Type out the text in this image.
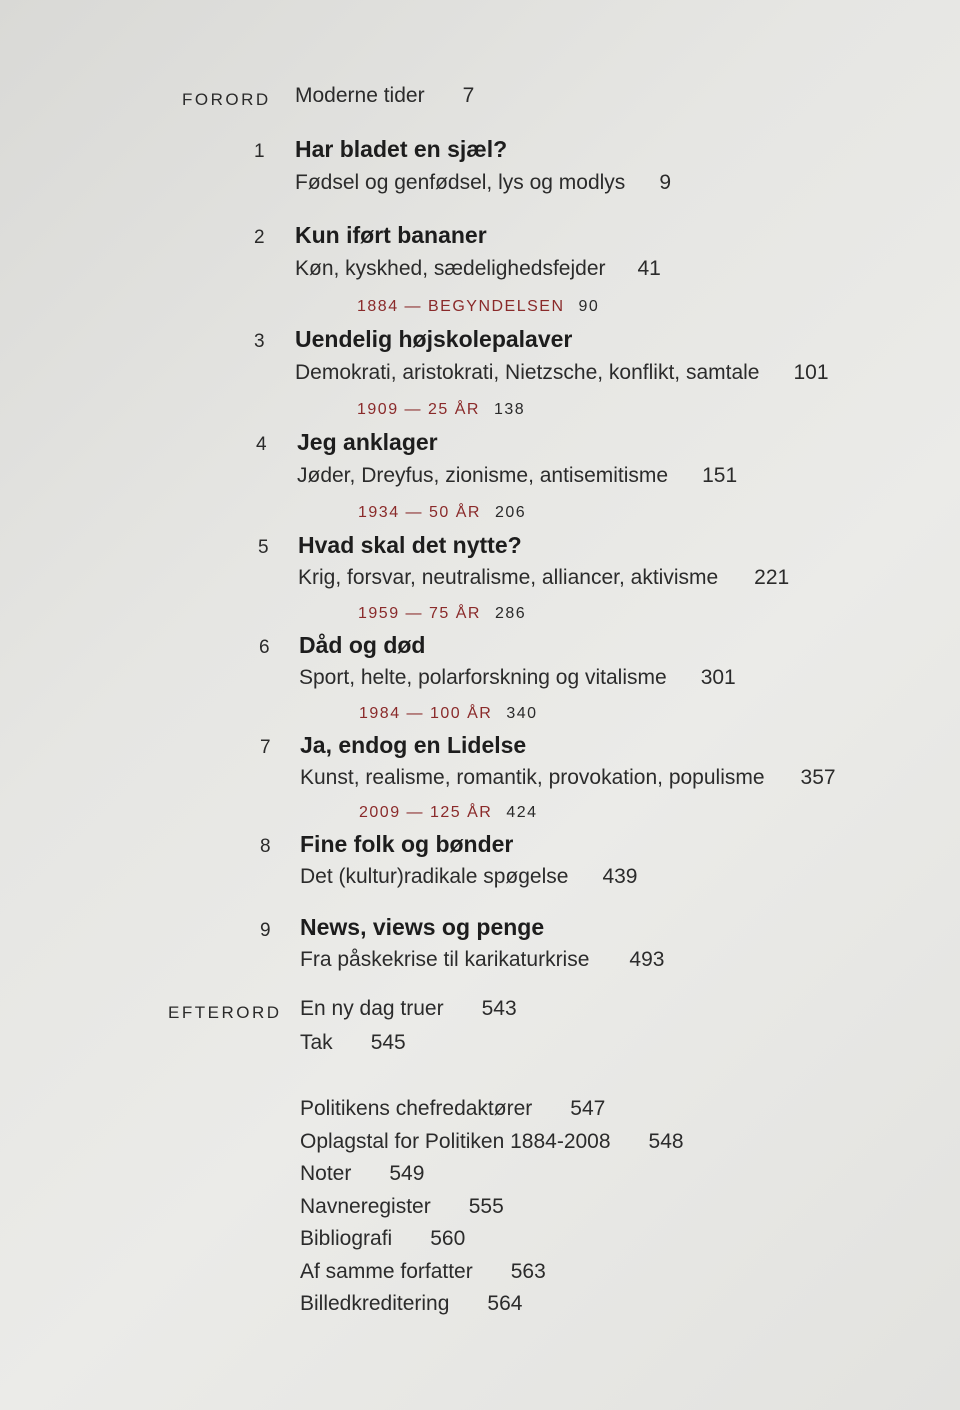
FORORD Moderne tider 7
1 Har bladet en sjæl?
Fødsel og genfødsel, lys og modlys 9
2 Kun iført bananer
Køn, kyskhed, sædelighedsfejder 41
1884 — BEGYNDELSEN 90
3 Uendelig højskolepalaver
Demokrati, aristokrati, Nietzsche, konflikt, samtale 101
1909 — 25 ÅR 138
4 Jeg anklager
Jøder, Dreyfus, zionisme, antisemitisme 151
1934 — 50 ÅR 206
5 Hvad skal det nytte?
Krig, forsvar, neutralisme, alliancer, aktivisme 221
1959 — 75 ÅR 286
6 Dåd og død
Sport, helte, polarforskning og vitalisme 301
1984 — 100 ÅR 340
7 Ja, endog en Lidelse
Kunst, realisme, romantik, provokation, populisme 357
2009 — 125 ÅR 424
8 Fine folk og bønder
Det (kultur)radikale spøgelse 439
9 News, views og penge
Fra påskekrise til karikaturkrise 493
EFTERORD En ny dag truer 543
Tak 545
Politikens chefredaktører 547
Oplagstal for Politiken 1884-2008 548
Noter 549
Navneregister 555
Bibliografi 560
Af samme forfatter 563
Billedkreditering 564
